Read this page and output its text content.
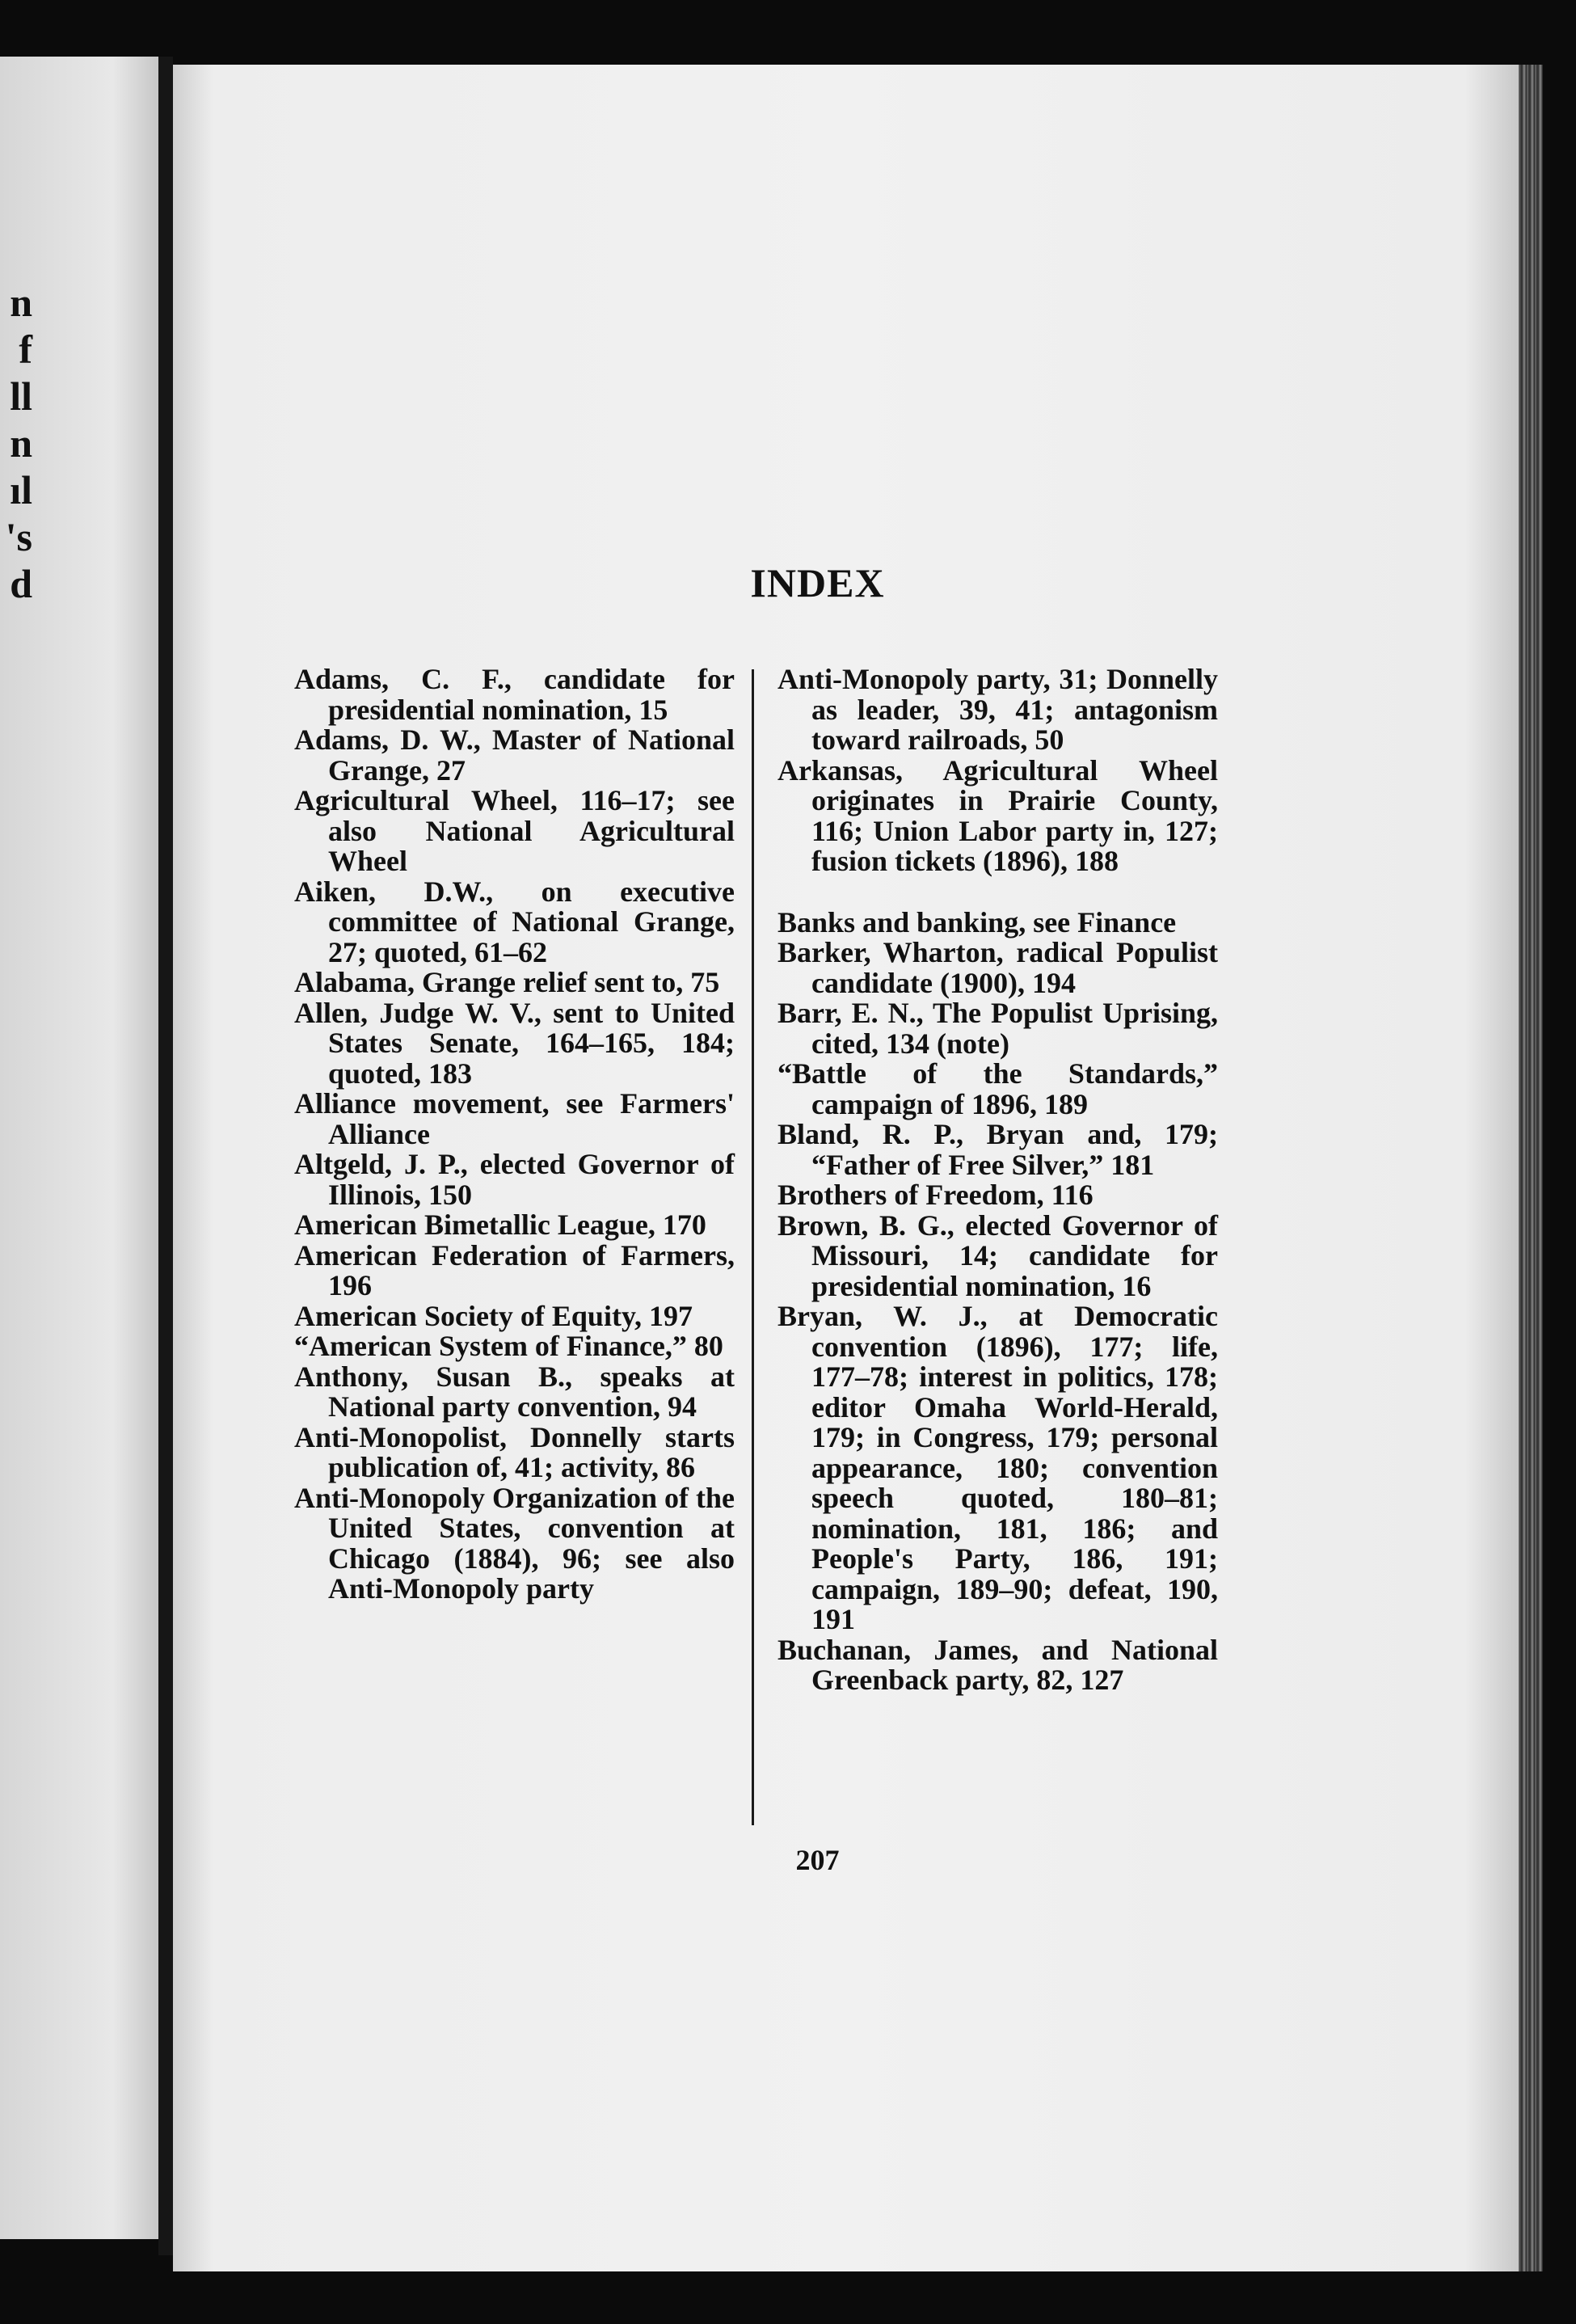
n
f
ll
n
ıl
's
d	INDEX
Adams, C. F., candidate for presidential nomination, 15
Adams, D. W., Master of National Grange, 27
Agricultural Wheel, 116–17; see also National Agricultural Wheel
Aiken, D.W., on executive committee of National Grange, 27; quoted, 61–62
Alabama, Grange relief sent to, 75
Allen, Judge W. V., sent to United States Senate, 164–165, 184; quoted, 183
Alliance movement, see Farmers' Alliance
Altgeld, J. P., elected Governor of Illinois, 150
American Bimetallic League, 170
American Federation of Farmers, 196
American Society of Equity, 197
“American System of Finance,” 80
Anthony, Susan B., speaks at National party convention, 94
Anti-Monopolist, Donnelly starts publication of, 41; activity, 86
Anti-Monopoly Organization of the United States, convention at Chicago (1884), 96; see also Anti-Monopoly party
Anti-Monopoly party, 31; Donnelly as leader, 39, 41; antagonism toward railroads, 50
Arkansas, Agricultural Wheel originates in Prairie County, 116; Union Labor party in, 127; fusion tickets (1896), 188
Banks and banking, see Finance
Barker, Wharton, radical Populist candidate (1900), 194
Barr, E. N., The Populist Uprising, cited, 134 (note)
“Battle of the Standards,” campaign of 1896, 189
Bland, R. P., Bryan and, 179; “Father of Free Silver,” 181
Brothers of Freedom, 116
Brown, B. G., elected Governor of Missouri, 14; candidate for presidential nomination, 16
Bryan, W. J., at Democratic convention (1896), 177; life, 177–78; interest in politics, 178; editor Omaha World-Herald, 179; in Congress, 179; personal appearance, 180; convention speech quoted, 180–81; nomination, 181, 186; and People's Party, 186, 191; campaign, 189–90; defeat, 190, 191
Buchanan, James, and National Greenback party, 82, 127
207
